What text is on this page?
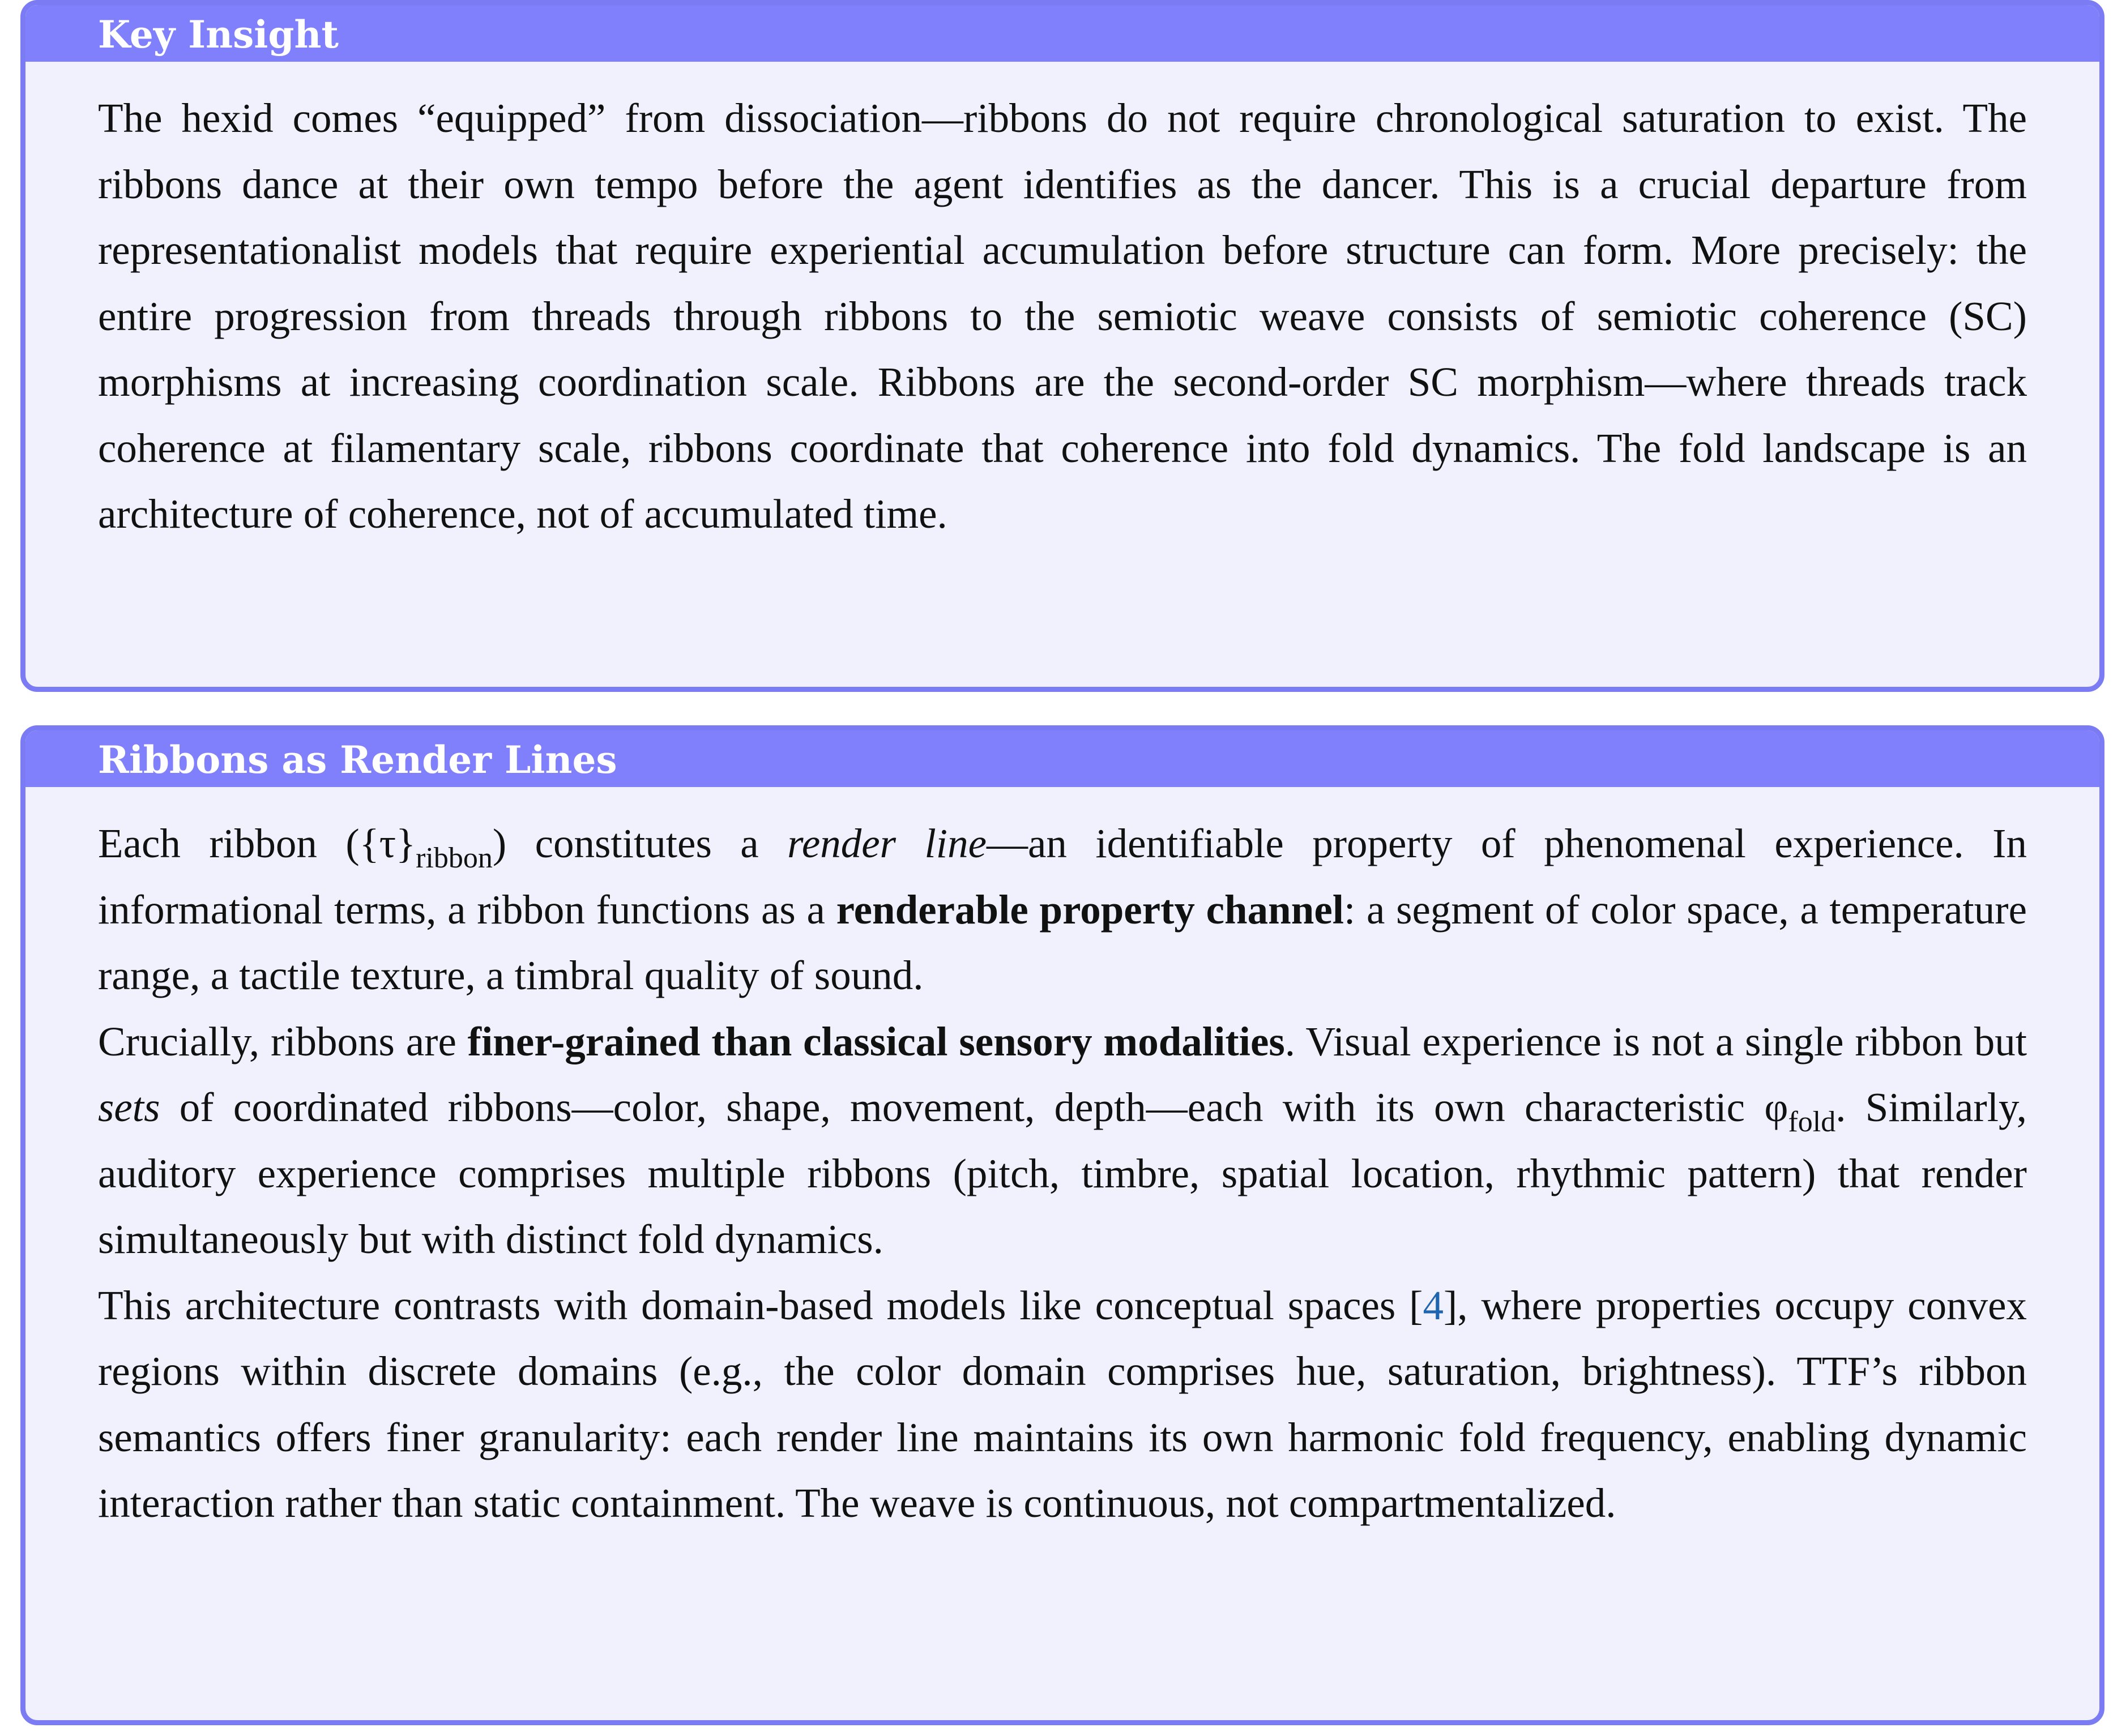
Key Insight

The hexid comes “equipped” from dissociation—ribbons do not require chronological saturation to exist. The ribbons dance at their own tempo before the agent identifies as the dancer. This is a crucial departure from representationalist models that require experiential accumulation before structure can form. More precisely: the entire progression from threads through ribbons to the semiotic weave consists of semiotic coherence (SC) morphisms at increasing coordination scale. Ribbons are the second-order SC morphism—where threads track coherence at filamentary scale, ribbons coordinate that coherence into fold dynamics. The fold landscape is an architecture of coherence, not of accumulated time.

Ribbons as Render Lines

Each ribbon $(\{\tau\}_{ribbon})$ constitutes a render line—an identifiable property of phenomenal experience. In informational terms, a ribbon functions as a renderable property channel: a segment of color space, a temperature range, a tactile texture, a timbral quality of sound.

Crucially, ribbons are finer-grained than classical sensory modalities. Visual experience is not a single ribbon but sets of coordinated ribbons—color, shape, movement, depth—each with its own characteristic $\varphi_{fold}$. Similarly, auditory experience comprises multiple ribbons (pitch, timbre, spatial location, rhythmic pattern) that render simultaneously but with distinct fold dynamics.

This architecture contrasts with domain-based models like conceptual spaces [4], where properties occupy convex regions within discrete domains (e.g., the color domain comprises hue, saturation, brightness). TTF’s ribbon semantics offers finer granularity: each render line maintains its own harmonic fold frequency, enabling dynamic interaction rather than static containment. The weave is continuous, not compartmentalized.
